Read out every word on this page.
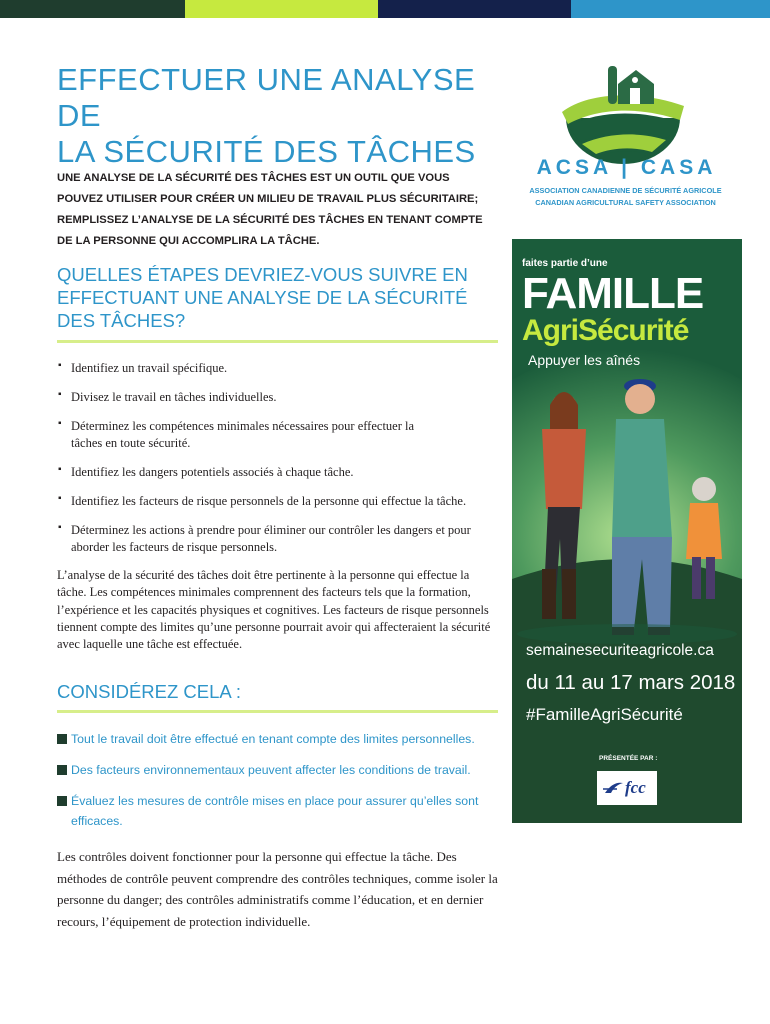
EFFECTUER UNE ANALYSE DE
LA SÉCURITÉ DES TÂCHES

UNE ANALYSE DE LA SÉCURITÉ DES TÂCHES EST UN OUTIL QUE VOUS POUVEZ UTILISER POUR CRÉER UN MILIEU DE TRAVAIL PLUS SÉCURITAIRE; REMPLISSEZ L’ANALYSE DE LA SÉCURITÉ DES TÂCHES EN TENANT COMPTE DE LA PERSONNE QUI ACCOMPLIRA LA TÂCHE.

QUELLES ÉTAPES DEVRIEZ-VOUS SUIVRE EN EFFECTUANT UNE ANALYSE DE LA SÉCURITÉ DES TÂCHES?
▪ Identifiez un travail spécifique.
▪ Divisez le travail en tâches individuelles.
▪ Déterminez les compétences minimales nécessaires pour effectuer la tâches en toute sécurité.
▪ Identifiez les dangers potentiels associés à chaque tâche.
▪ Identifiez les facteurs de risque personnels de la personne qui effectue la tâche.
▪ Déterminez les actions à prendre pour éliminer our contrôler les dangers et pour aborder les facteurs de risque personnels.

L’analyse de la sécurité des tâches doit être pertinente à la personne qui effectue la tâche. Les compétences minimales comprennent des facteurs tels que la formation, l’expérience et les capacités physiques et cognitives. Les facteurs de risque personnels tiennent compte des limites qu’une personne pourrait avoir qui affecteraient la sécurité avec laquelle une tâche est effectuée.

CONSIDÉREZ CELA :
Tout le travail doit être effectué en tenant compte des limites personnelles.
Des facteurs environnementaux peuvent affecter les conditions de travail.
Évaluez les mesures de contrôle mises en place pour assurer qu’elles sont efficaces.

Les contrôles doivent fonctionner pour la personne qui effectue la tâche. Des méthodes de contrôle peuvent comprendre des contrôles techniques, comme isoler la personne du danger; des contrôles administratifs comme l’éducation, et en dernier recours, l’équipement de protection individuelle.

ACSA | CASA

ASSOCIATION CANADIENNE DE SÉCURITÉ AGRICOLE

CANADIAN AGRICULTURAL SAFETY ASSOCIATION

faites partie d’une

FAMILLE

AgriSécurité

Appuyer les aînés

semainesecuriteagricole.ca

du 11 au 17 mars 2018

#FamilleAgriSécurité

PRÉSENTÉE PAR :

fcc
